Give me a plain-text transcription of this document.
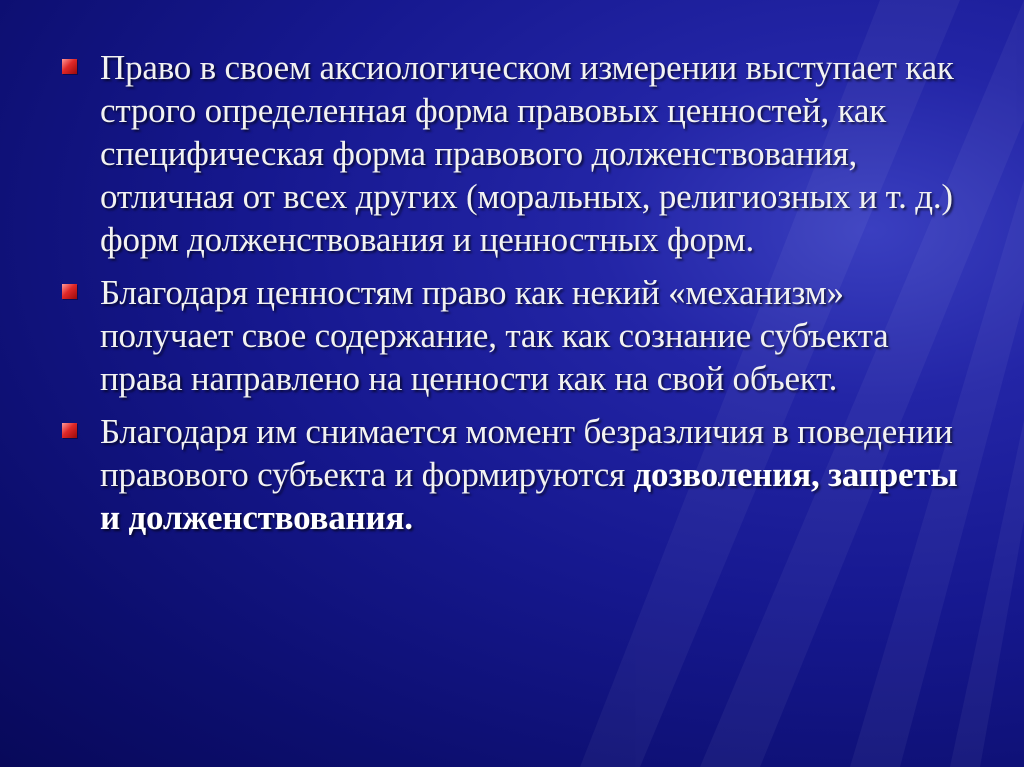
Право в своем аксиологическом измерении выступает как строго определенная форма правовых ценностей, как специфическая форма правового долженствования, отличная от всех других (моральных, религиозных и т. д.) форм долженствования и ценностных форм.
Благодаря ценностям право как некий «механизм» получает свое содержание, так как сознание субъекта права направлено на ценности как на свой объект.
Благодаря им снимается момент безразличия в поведении правового субъекта и формируются дозволения, запреты и долженствования.
